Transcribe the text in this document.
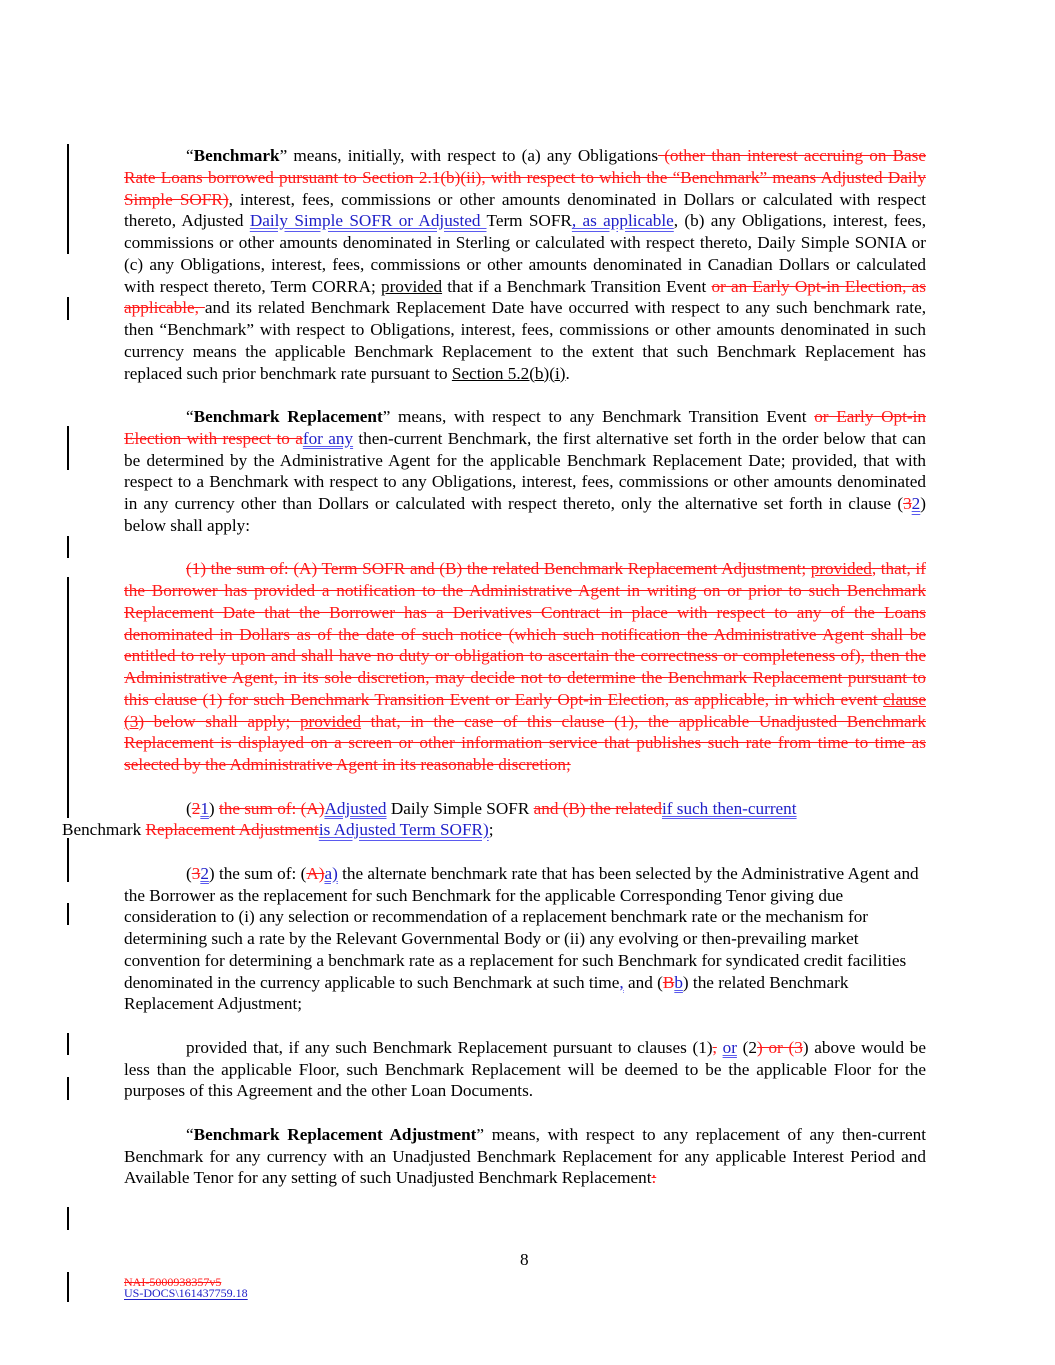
“Benchmark” means, initially, with respect to (a) any Obligations (other than interest accruing on Base Rate Loans borrowed pursuant to Section 2.1(b)(ii), with respect to which the “Benchmark” means Adjusted Daily Simple SOFR), interest, fees, commissions or other amounts denominated in Dollars or calculated with respect thereto, Adjusted Daily Simple SOFR or Adjusted Term SOFR, as applicable, (b) any Obligations, interest, fees, commissions or other amounts denominated in Sterling or calculated with respect thereto, Daily Simple SONIA or (c) any Obligations, interest, fees, commissions or other amounts denominated in Canadian Dollars or calculated with respect thereto, Term CORRA; provided that if a Benchmark Transition Event or an Early Opt-in Election, as applicable, and its related Benchmark Replacement Date have occurred with respect to any such benchmark rate, then “Benchmark” with respect to Obligations, interest, fees, commissions or other amounts denominated in such currency means the applicable Benchmark Replacement to the extent that such Benchmark Replacement has replaced such prior benchmark rate pursuant to Section 5.2(b)(i).

“Benchmark Replacement” means, with respect to any Benchmark Transition Event or Early Opt-in Election with respect to afor any then-current Benchmark, the first alternative set forth in the order below that can be determined by the Administrative Agent for the applicable Benchmark Replacement Date; provided, that with respect to a Benchmark with respect to any Obligations, interest, fees, commissions or other amounts denominated in any currency other than Dollars or calculated with respect thereto, only the alternative set forth in clause (32) below shall apply:

(1) the sum of: (A) Term SOFR and (B) the related Benchmark Replacement Adjustment; provided, that, if the Borrower has provided a notification to the Administrative Agent in writing on or prior to such Benchmark Replacement Date that the Borrower has a Derivatives Contract in place with respect to any of the Loans denominated in Dollars as of the date of such notice (which such notification the Administrative Agent shall be entitled to rely upon and shall have no duty or obligation to ascertain the correctness or completeness of), then the Administrative Agent, in its sole discretion, may decide not to determine the Benchmark Replacement pursuant to this clause (1) for such Benchmark Transition Event or Early Opt-in Election, as applicable, in which event clause (3) below shall apply; provided that, in the case of this clause (1), the applicable Unadjusted Benchmark Replacement is displayed on a screen or other information service that publishes such rate from time to time as selected by the Administrative Agent in its reasonable discretion;

(21) the sum of: (A)Adjusted Daily Simple SOFR and (B) the relatedif such then-current
Benchmark Replacement Adjustmentis Adjusted Term SOFR);

(32) the sum of: (A)a) the alternate benchmark rate that has been selected by the Administrative Agent and the Borrower as the replacement for such Benchmark for the applicable Corresponding Tenor giving due consideration to (i) any selection or recommendation of a replacement benchmark rate or the mechanism for determining such a rate by the Relevant Governmental Body or (ii) any evolving or then-prevailing market convention for determining a benchmark rate as a replacement for such Benchmark for syndicated credit facilities denominated in the currency applicable to such Benchmark at such time, and (Bb) the related Benchmark Replacement Adjustment;

provided that, if any such Benchmark Replacement pursuant to clauses (1), or (2) or (3) above would be less than the applicable Floor, such Benchmark Replacement will be deemed to be the applicable Floor for the purposes of this Agreement and the other Loan Documents.

“Benchmark Replacement Adjustment” means, with respect to any replacement of any then-current Benchmark for any currency with an Unadjusted Benchmark Replacement for any applicable Interest Period and Available Tenor for any setting of such Unadjusted Benchmark Replacement:

8
NAI-5000938357v5
US-DOCS\161437759.18
